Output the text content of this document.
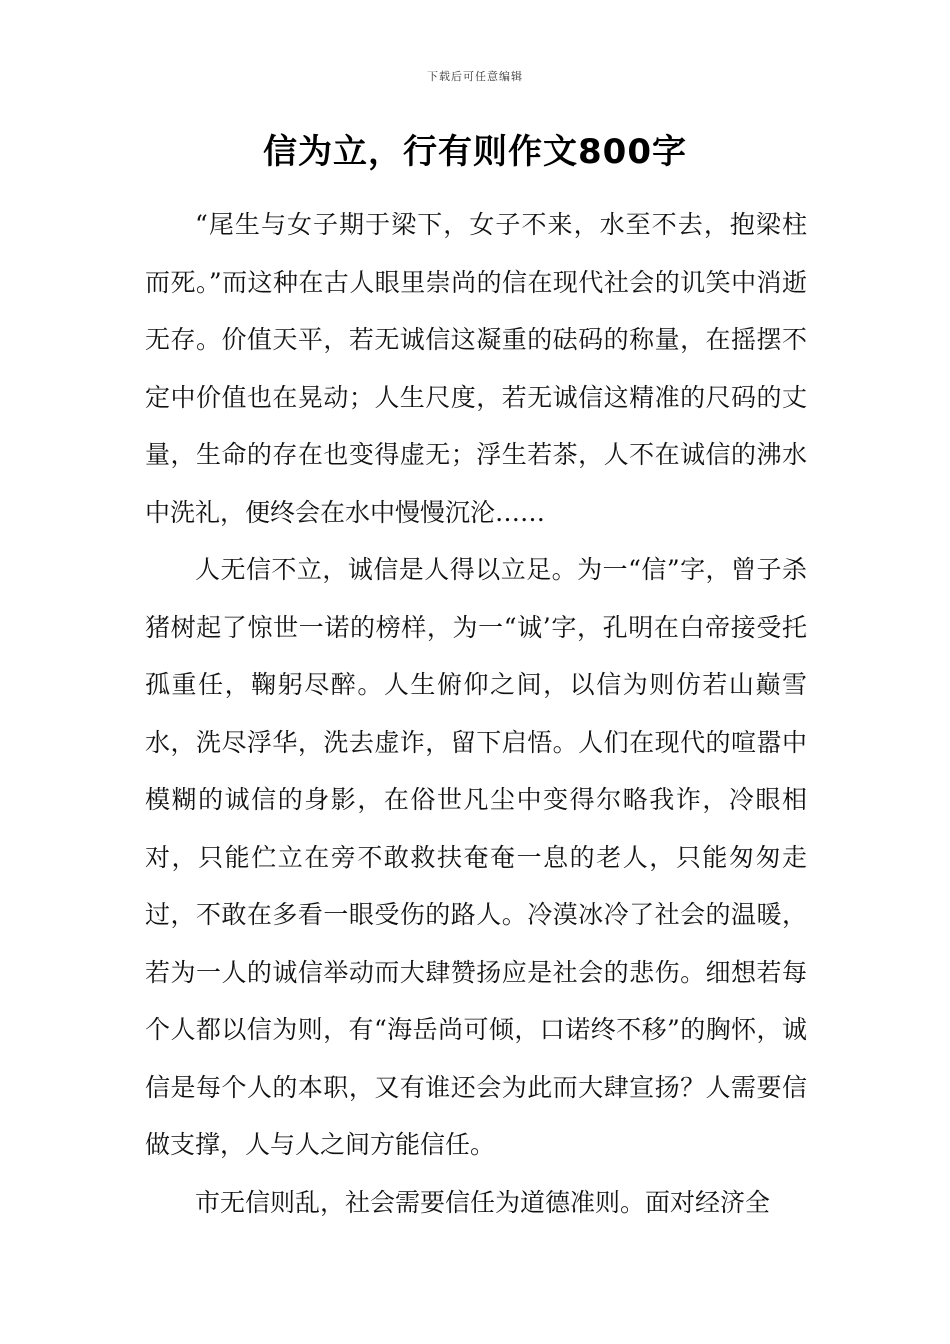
下载后可任意编辑
信为立，行有则作文800字

“尾生与女子期于梁下，女子不来，水至不去，抱梁柱而死。”而这种在古人眼里崇尚的信在现代社会的讥笑中消逝无存。价值天平，若无诚信这凝重的砝码的称量，在摇摆不定中价值也在晃动；人生尺度，若无诚信这精准的尺码的丈量，生命的存在也变得虚无；浮生若茶，人不在诚信的沸水中洗礼，便终会在水中慢慢沉沦……

人无信不立，诚信是人得以立足。为一“信”字，曾子杀猪树起了惊世一诺的榜样，为一“诚’字，孔明在白帝接受托孤重任，鞠躬尽醉。人生俯仰之间，以信为则仿若山巅雪水，洗尽浮华，洗去虚诈，留下启悟。人们在现代的喧嚣中模糊的诚信的身影，在俗世凡尘中变得尔略我诈，冷眼相对，只能伫立在旁不敢救扶奄奄一息的老人，只能匆匆走过，不敢在多看一眼受伤的路人。冷漠冰冷了社会的温暖，若为一人的诚信举动而大肆赞扬应是社会的悲伤。细想若每个人都以信为则，有“海岳尚可倾，口诺终不移”的胸怀，诚信是每个人的本职，又有谁还会为此而大肆宣扬？人需要信做支撑，人与人之间方能信任。

市无信则乱，社会需要信任为道德准则。面对经济全
